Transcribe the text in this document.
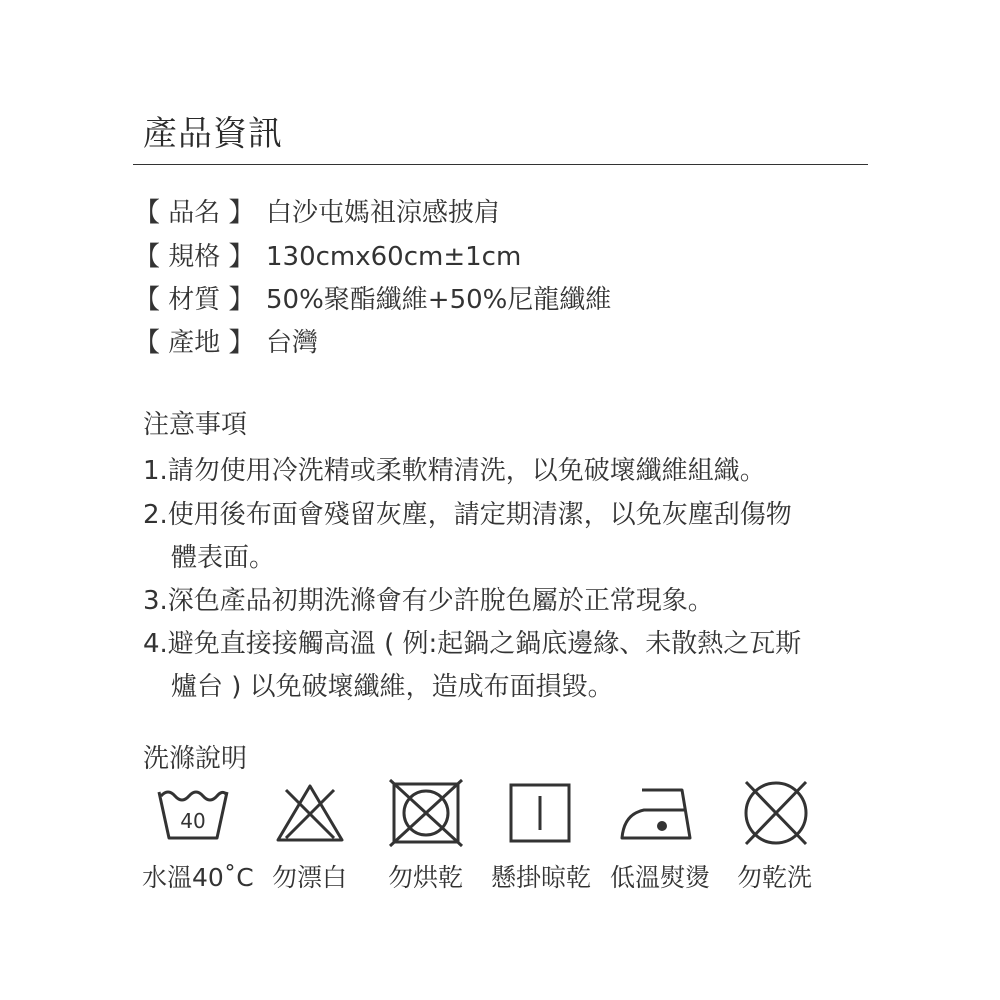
產品資訊
【 品名 】 白沙屯媽祖涼感披肩
【 規格 】 130cmx60cm±1cm
【 材質 】 50%聚酯纖維+50%尼龍纖維
【 產地 】 台灣
注意事項
1.請勿使用冷洗精或柔軟精清洗，以免破壞纖維組織。
2.使用後布面會殘留灰塵，請定期清潔，以免灰塵刮傷物
體表面。
3.深色產品初期洗滌會有少許脫色屬於正常現象。
4.避免直接接觸高溫 ( 例:起鍋之鍋底邊緣、未散熱之瓦斯
爐台 ) 以免破壞纖維，造成布面損毀。
洗滌說明
40
水溫40˚C 勿漂白 勿烘乾 懸掛晾乾 低溫熨燙 勿乾洗
